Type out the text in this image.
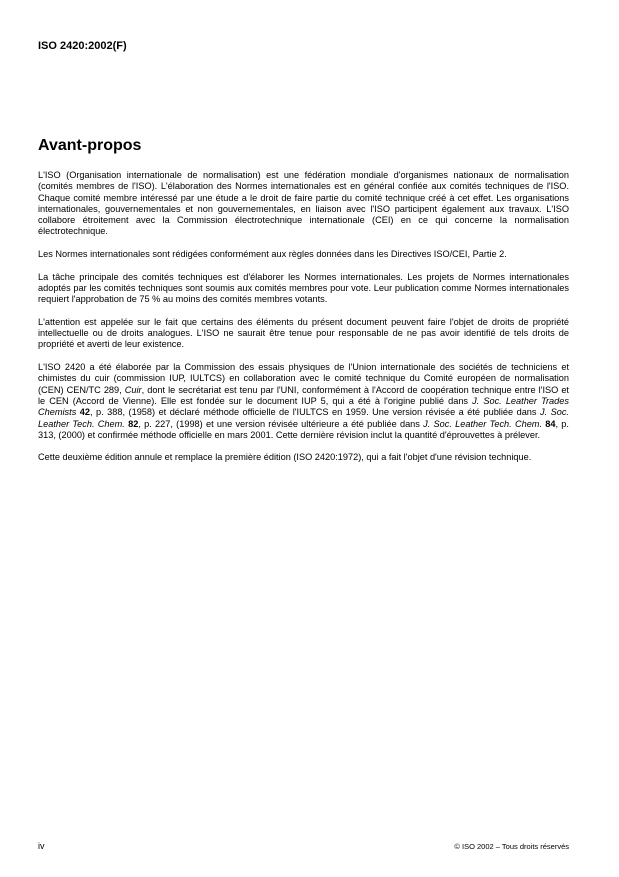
ISO 2420:2002(F)
Avant-propos

L'ISO (Organisation internationale de normalisation) est une fédération mondiale d'organismes nationaux de normalisation (comités membres de l'ISO). L'élaboration des Normes internationales est en général confiée aux comités techniques de l'ISO. Chaque comité membre intéressé par une étude a le droit de faire partie du comité technique créé à cet effet. Les organisations internationales, gouvernementales et non gouvernementales, en liaison avec l'ISO participent également aux travaux. L'ISO collabore étroitement avec la Commission électrotechnique internationale (CEI) en ce qui concerne la normalisation électrotechnique.

Les Normes internationales sont rédigées conformément aux règles données dans les Directives ISO/CEI, Partie 2.

La tâche principale des comités techniques est d'élaborer les Normes internationales. Les projets de Normes internationales adoptés par les comités techniques sont soumis aux comités membres pour vote. Leur publication comme Normes internationales requiert l'approbation de 75 % au moins des comités membres votants.

L'attention est appelée sur le fait que certains des éléments du présent document peuvent faire l'objet de droits de propriété intellectuelle ou de droits analogues. L'ISO ne saurait être tenue pour responsable de ne pas avoir identifié de tels droits de propriété et averti de leur existence.

L'ISO 2420 a été élaborée par la Commission des essais physiques de l'Union internationale des sociétés de techniciens et chimistes du cuir (commission IUP, IULTCS) en collaboration avec le comité technique du Comité européen de normalisation (CEN) CEN/TC 289, Cuir, dont le secrétariat est tenu par l'UNI, conformément à l'Accord de coopération technique entre l'ISO et le CEN (Accord de Vienne). Elle est fondée sur le document IUP 5, qui a été à l'origine publié dans J. Soc. Leather Trades Chemists 42, p. 388, (1958) et déclaré méthode officielle de l'IULTCS en 1959. Une version révisée a été publiée dans J. Soc. Leather Tech. Chem. 82, p. 227, (1998) et une version révisée ultérieure a été publiée dans J. Soc. Leather Tech. Chem. 84, p. 313, (2000) et confirmée méthode officielle en mars 2001. Cette dernière révision inclut la quantité d'éprouvettes à prélever.

Cette deuxième édition annule et remplace la première édition (ISO 2420:1972), qui a fait l'objet d'une révision technique.

iv	© ISO 2002 – Tous droits réservés
